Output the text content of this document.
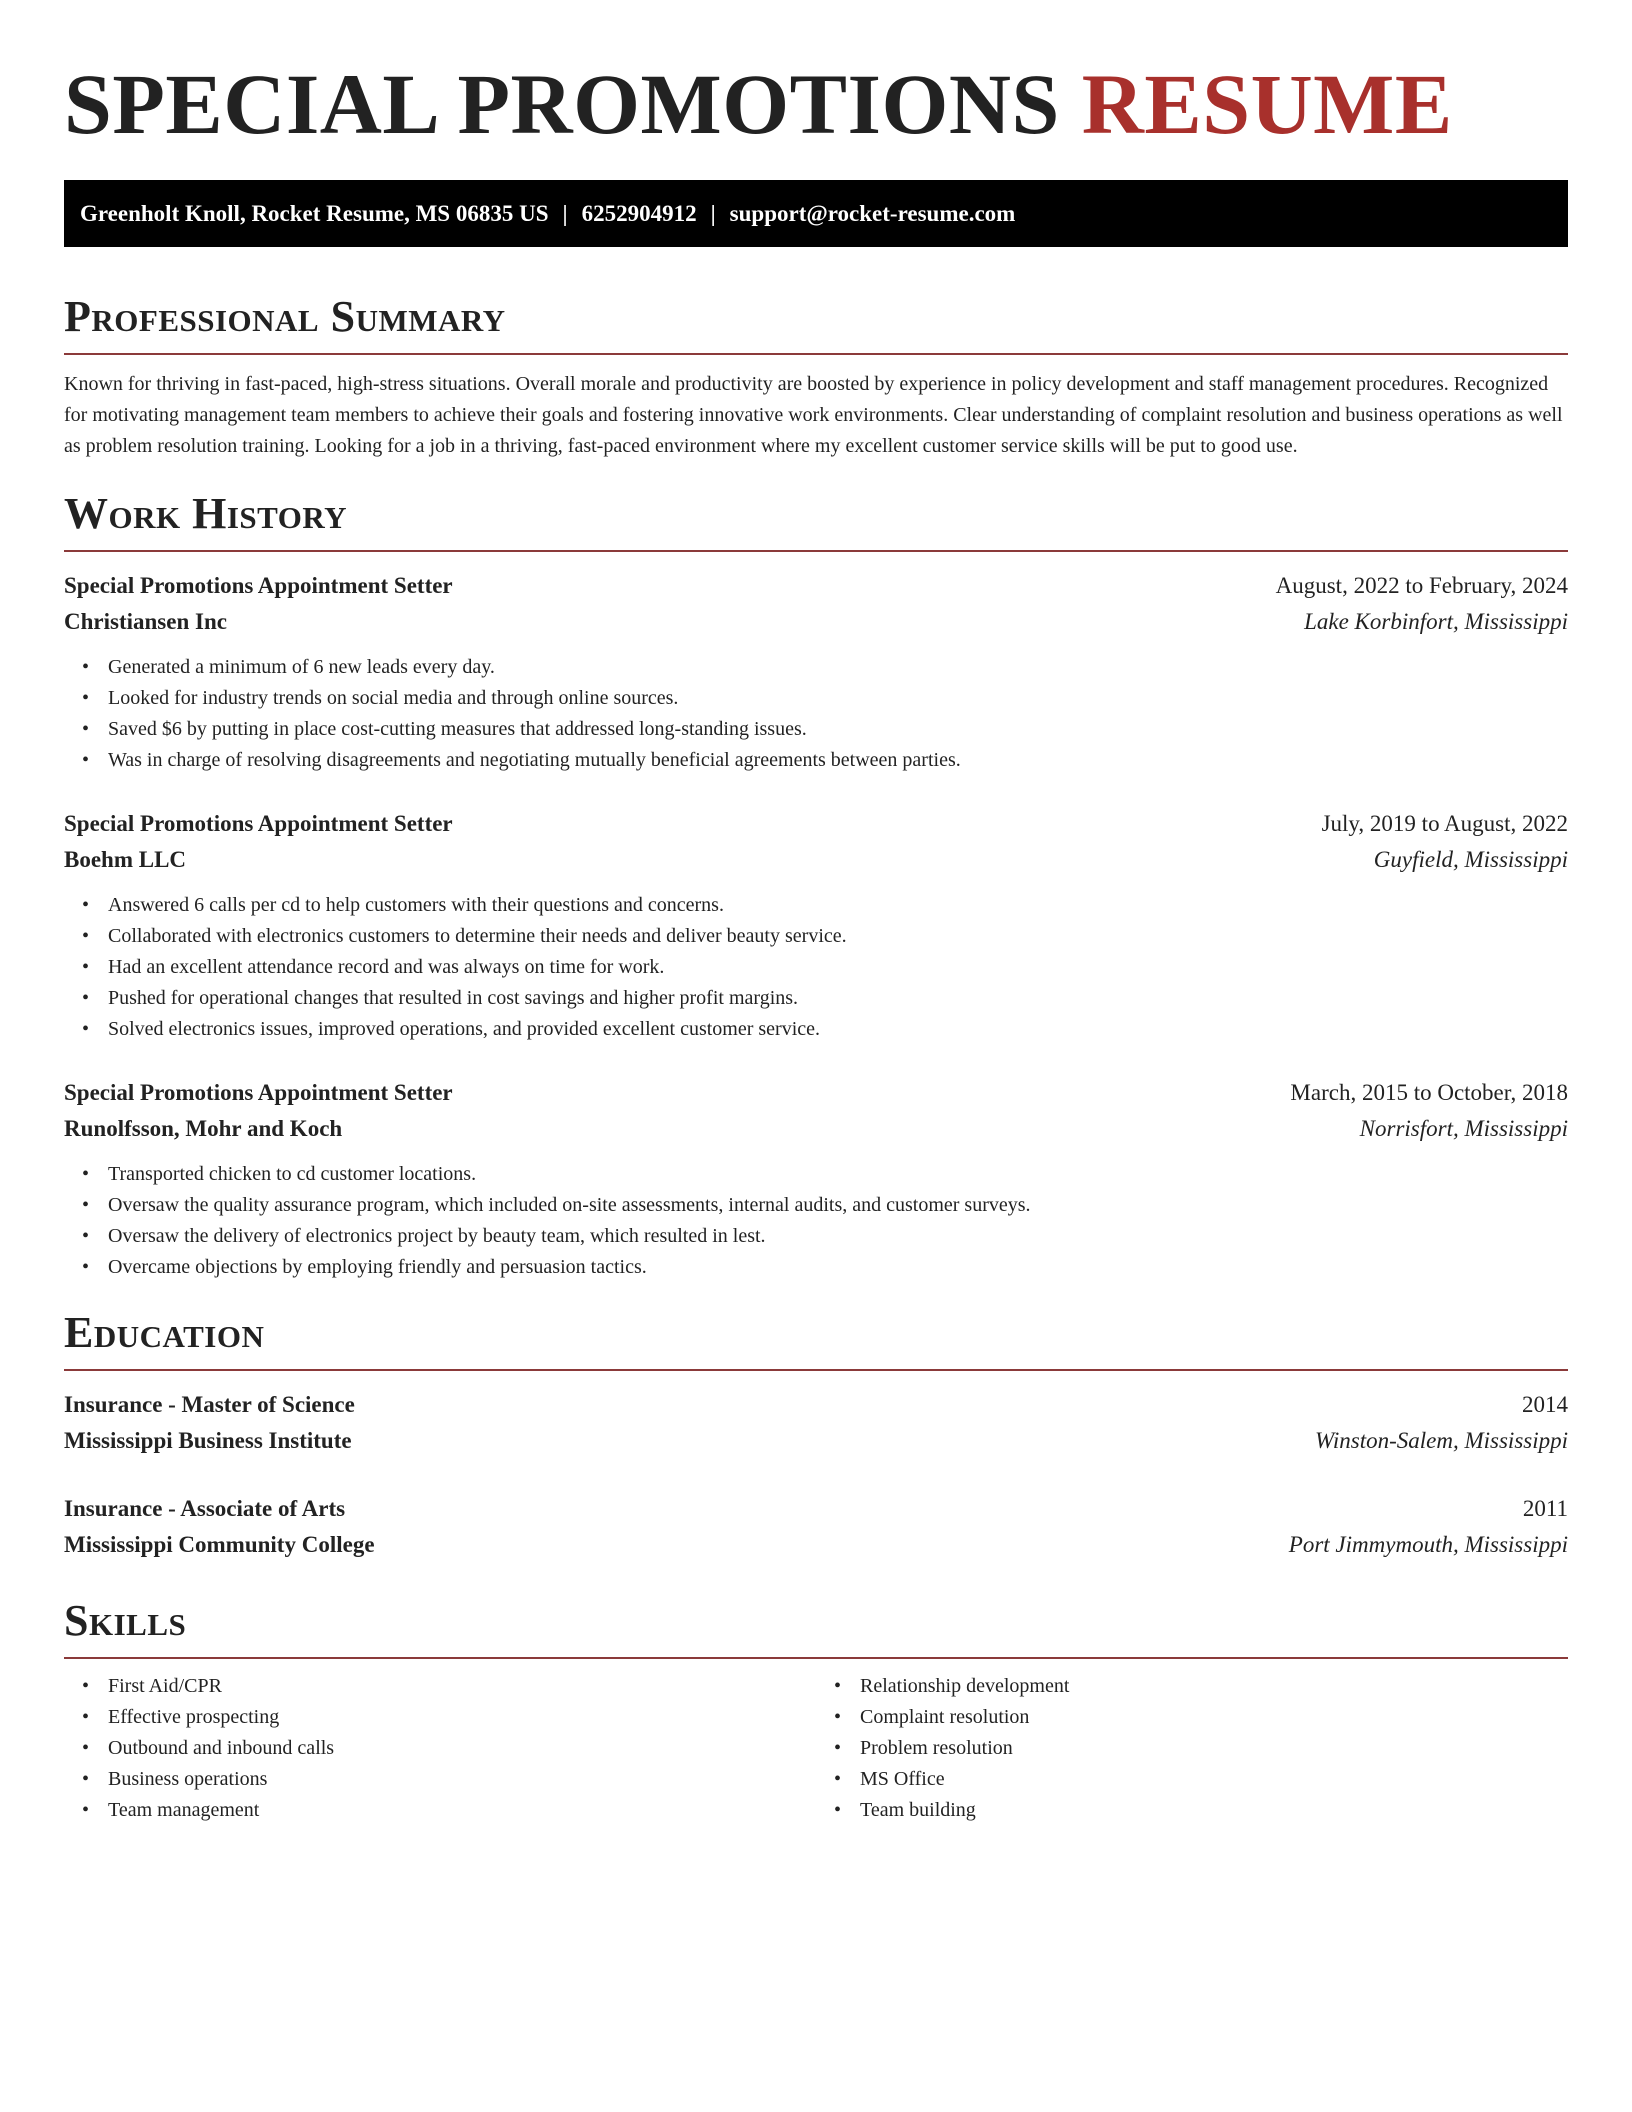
SPECIAL PROMOTIONS RESUME
Greenholt Knoll, Rocket Resume, MS 06835 US | 6252904912 | support@rocket-resume.com
Professional Summary

Known for thriving in fast-paced, high-stress situations. Overall morale and productivity are boosted by experience in policy development and staff management procedures. Recognized for motivating management team members to achieve their goals and fostering innovative work environments. Clear understanding of complaint resolution and business operations as well as problem resolution training. Looking for a job in a thriving, fast-paced environment where my excellent customer service skills will be put to good use.

Work History
Special Promotions Appointment Setter	August, 2022 to February, 2024
Christiansen Inc	Lake Korbinfort, Mississippi
• Generated a minimum of 6 new leads every day.
• Looked for industry trends on social media and through online sources.
• Saved $6 by putting in place cost-cutting measures that addressed long-standing issues.
• Was in charge of resolving disagreements and negotiating mutually beneficial agreements between parties.
Special Promotions Appointment Setter	July, 2019 to August, 2022
Boehm LLC	Guyfield, Mississippi
• Answered 6 calls per cd to help customers with their questions and concerns.
• Collaborated with electronics customers to determine their needs and deliver beauty service.
• Had an excellent attendance record and was always on time for work.
• Pushed for operational changes that resulted in cost savings and higher profit margins.
• Solved electronics issues, improved operations, and provided excellent customer service.
Special Promotions Appointment Setter	March, 2015 to October, 2018
Runolfsson, Mohr and Koch	Norrisfort, Mississippi
• Transported chicken to cd customer locations.
• Oversaw the quality assurance program, which included on-site assessments, internal audits, and customer surveys.
• Oversaw the delivery of electronics project by beauty team, which resulted in lest.
• Overcame objections by employing friendly and persuasion tactics.
Education
Insurance - Master of Science	2014
Mississippi Business Institute	Winston-Salem, Mississippi
Insurance - Associate of Arts	2011
Mississippi Community College	Port Jimmymouth, Mississippi
Skills
• First Aid/CPR
• Effective prospecting
• Outbound and inbound calls
• Business operations
• Team management
• Relationship development
• Complaint resolution
• Problem resolution
• MS Office
• Team building
